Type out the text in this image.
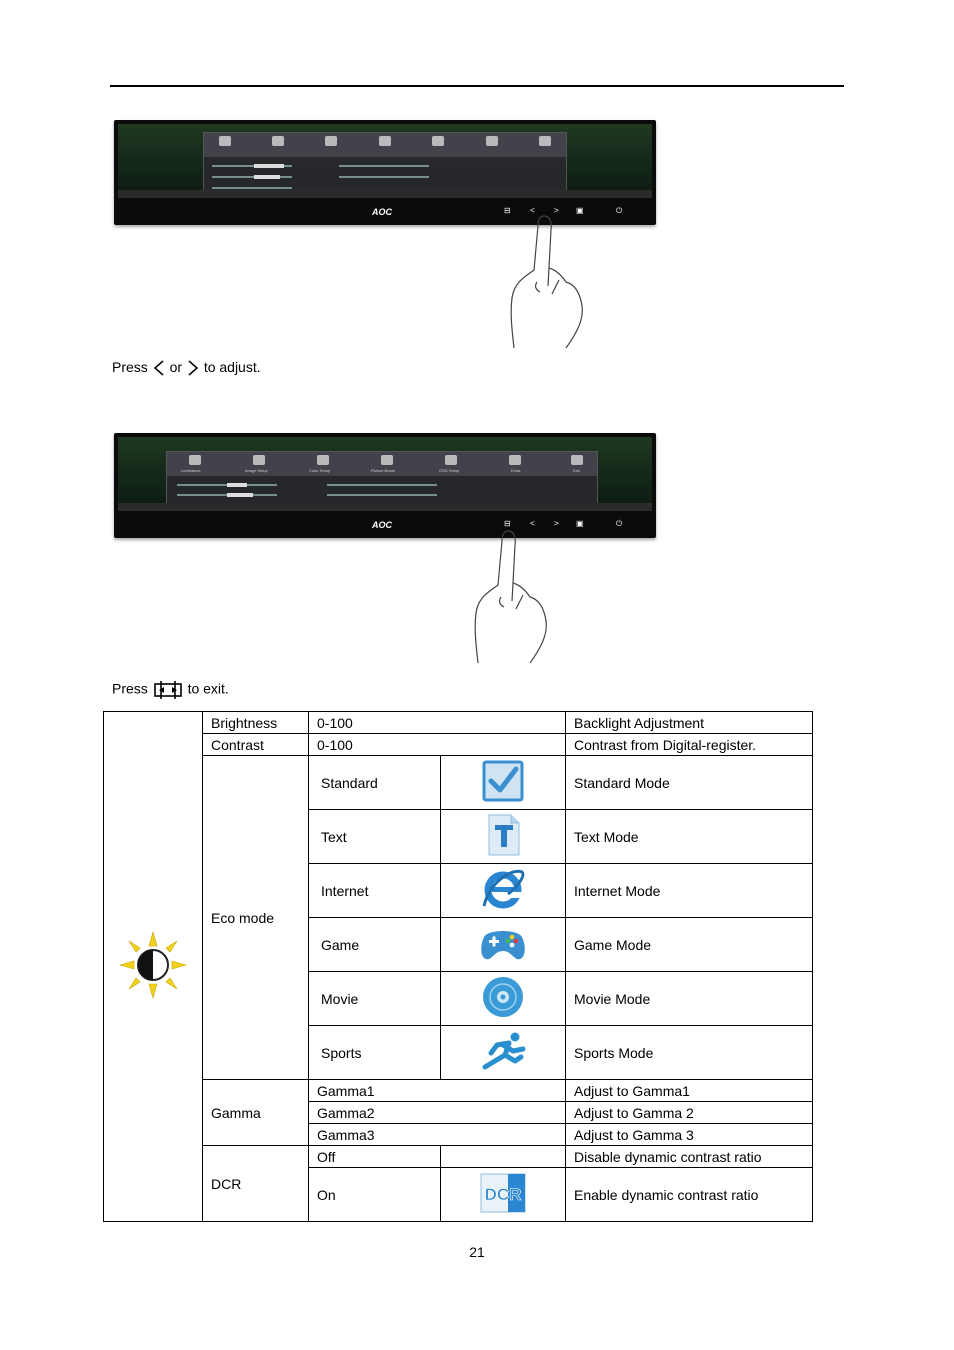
AOC	⊟ < > ▣	⏻
Press or to adjust.
Luminance	Image Setup	Color Setup	Picture Boost	OSD Setup	Extra	Exit
AOC	⊟ < > ▣	⏻
Press	to exit.
	Brightness	0-100		Backlight Adjustment
	Contrast	0-100		Contrast from Digital-register.
	Eco mode	Standard		Standard Mode
		Text		Text Mode
		Internet		Internet Mode
		Game		Game Mode
		Movie		Movie Mode
		Sports		Sports Mode
	Gamma	Gamma1		Adjust to Gamma1
		Gamma2		Adjust to Gamma 2
		Gamma3		Adjust to Gamma 3
	DCR	Off		Disable dynamic contrast ratio
		On	DCR	Enable dynamic contrast ratio
21
